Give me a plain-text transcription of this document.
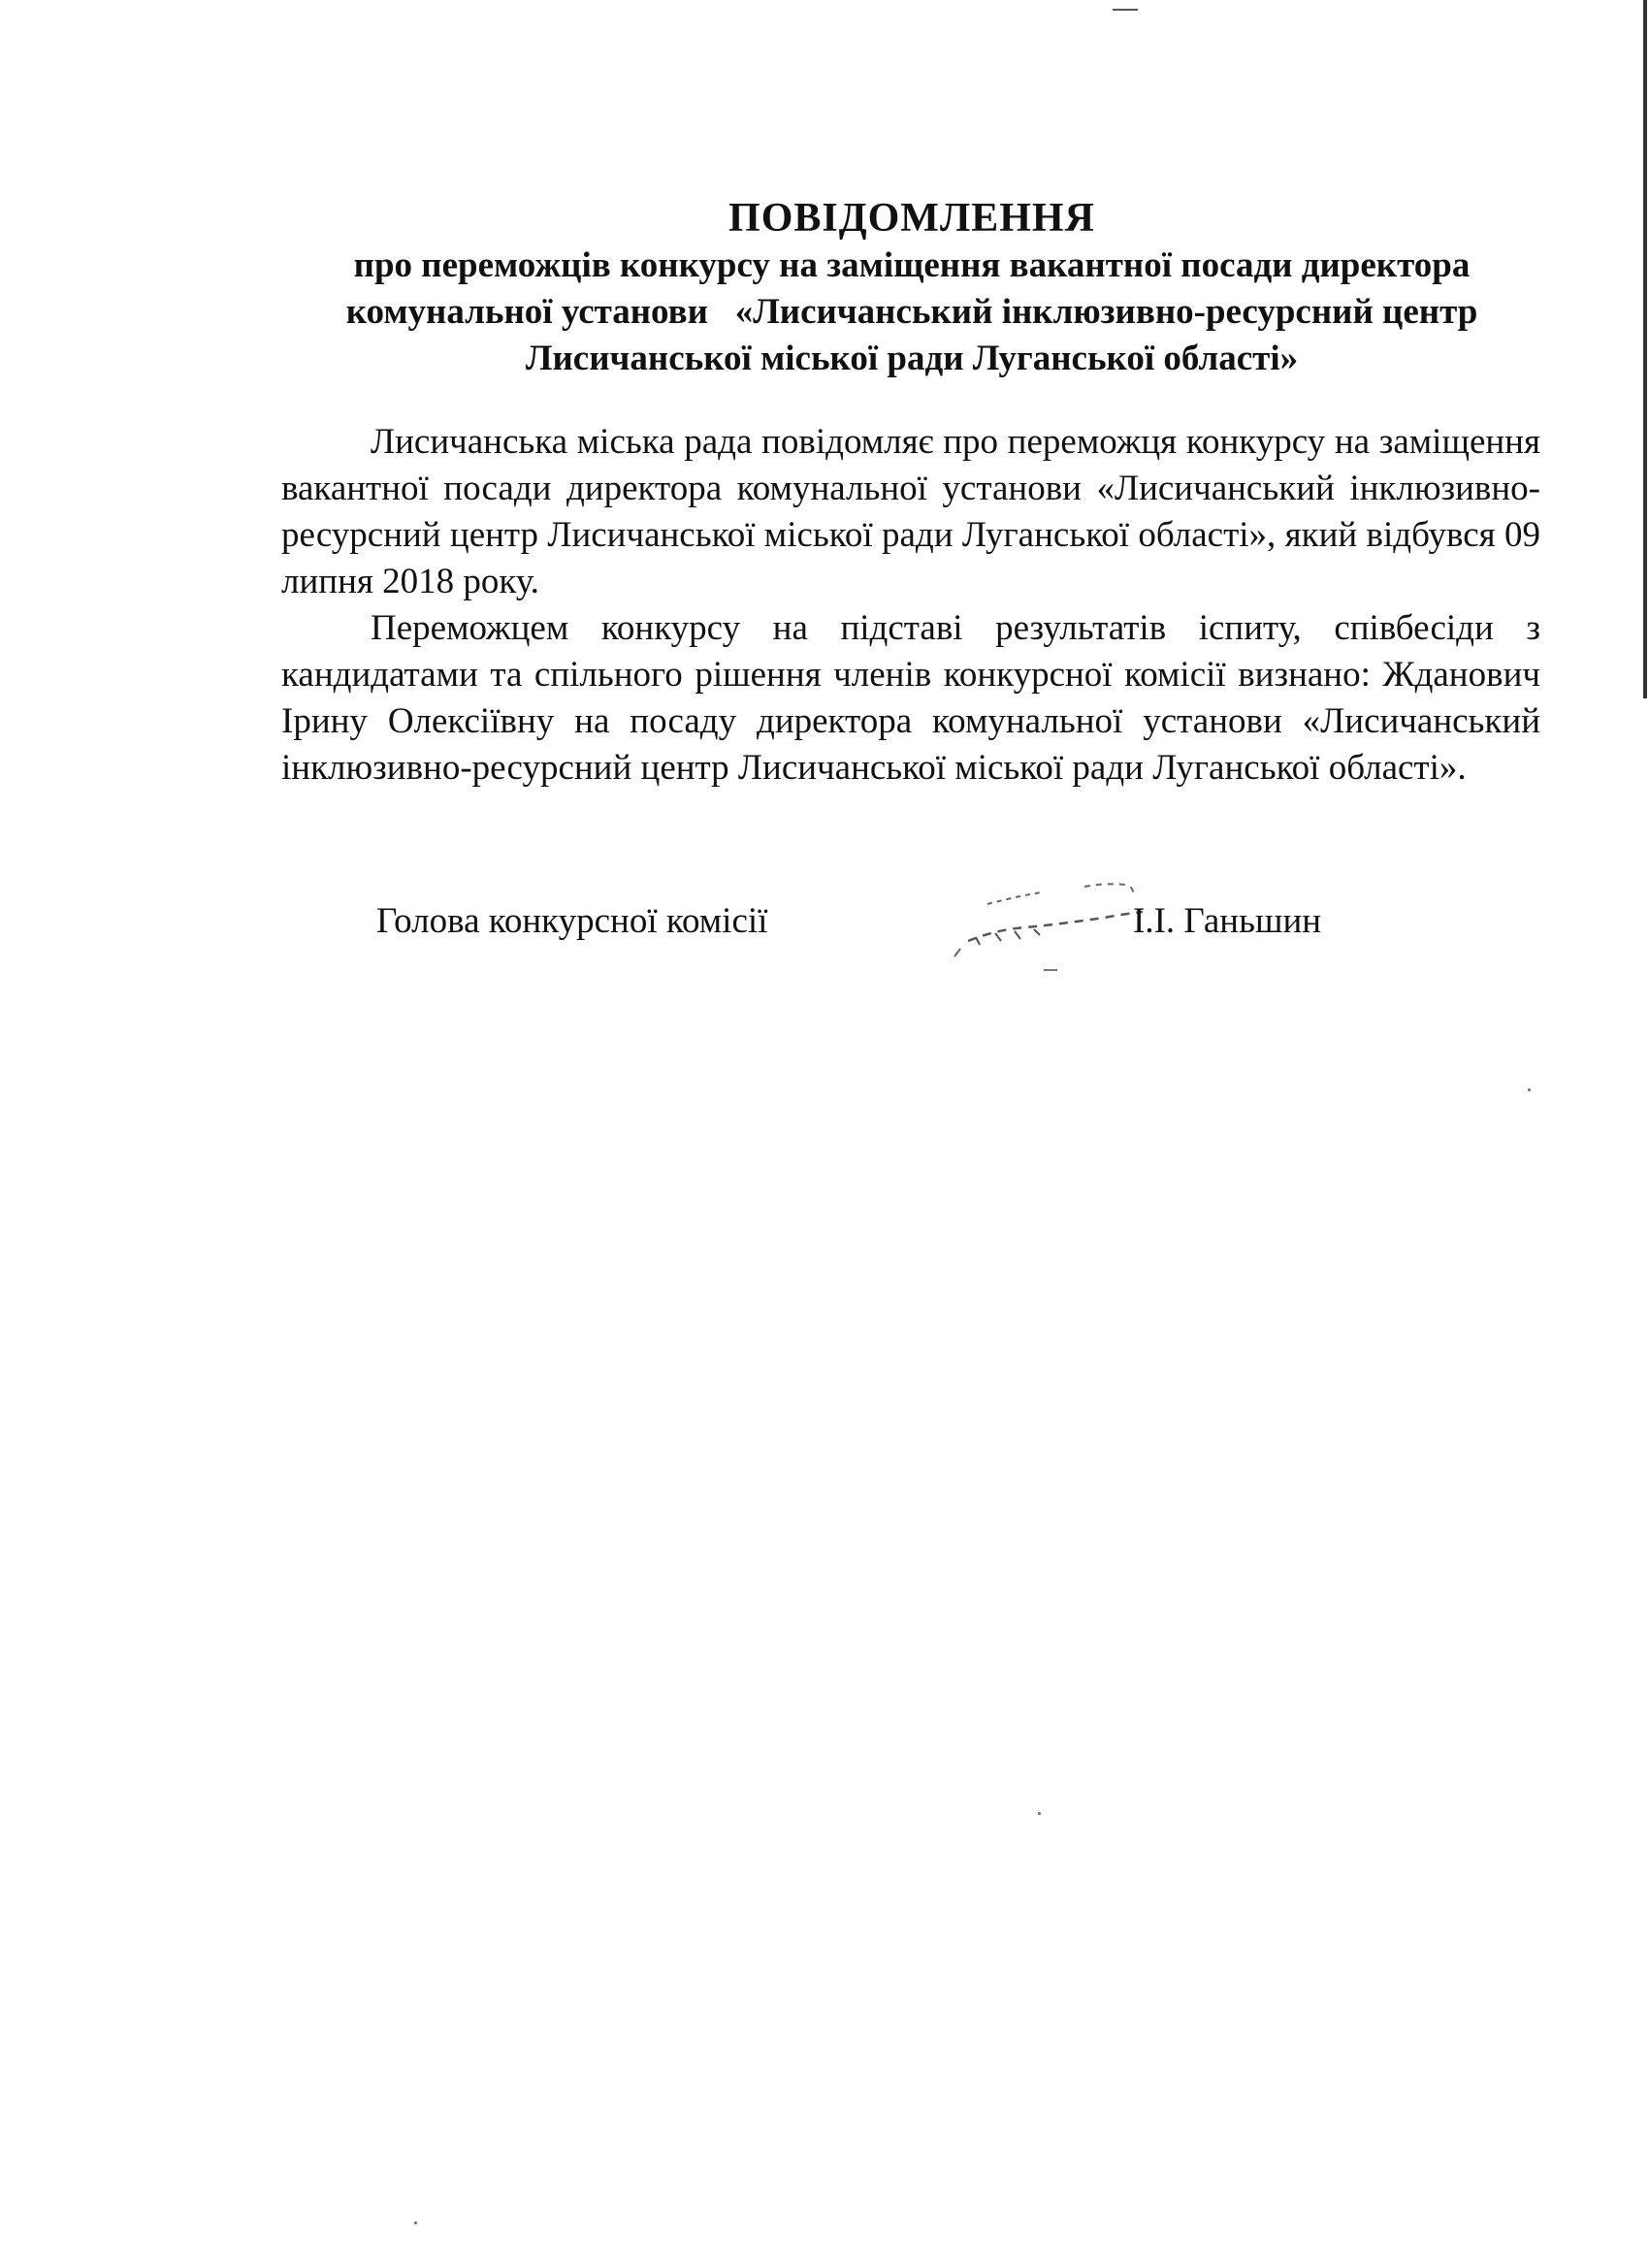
ПОВІДОМЛЕННЯ
про переможців конкурсу на заміщення вакантної посади директора
комунальної установи   «Лисичанський інклюзивно-ресурсний центр
Лисичанської міської ради Луганської області»

Лисичанська міська рада повідомляє про переможця конкурсу на заміщення вакантної посади директора комунальної установи «Лисичанський інклюзивно-ресурсний центр Лисичанської міської ради Луганської області», який відбувся 09 липня 2018 року.

Переможцем конкурсу на підставі результатів іспиту, співбесіди з кандидатами та спільного рішення членів конкурсної комісії визнано: Жданович Ірину Олексіївну на посаду директора комунальної установи «Лисичанський інклюзивно-ресурсний центр Лисичанської міської ради Луганської області».

Голова конкурсної комісії	І.І. Ганьшин
